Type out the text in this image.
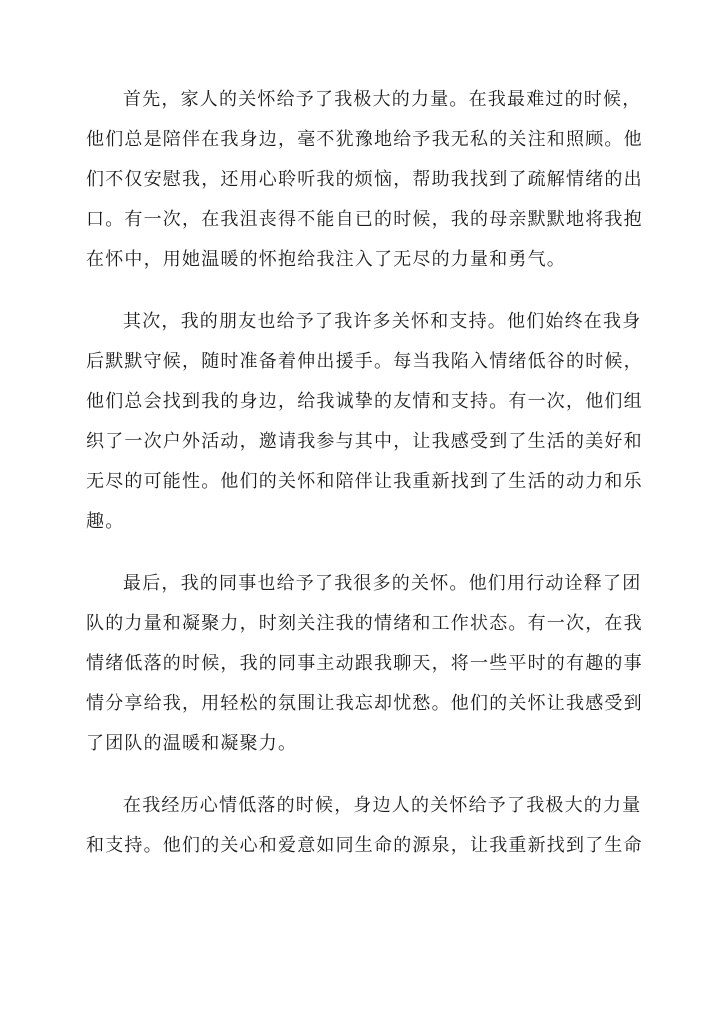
首先，家人的关怀给予了我极大的力量。在我最难过的时候，
他们总是陪伴在我身边，毫不犹豫地给予我无私的关注和照顾。他
们不仅安慰我，还用心聆听我的烦恼，帮助我找到了疏解情绪的出
口。有一次，在我沮丧得不能自已的时候，我的母亲默默地将我抱
在怀中，用她温暖的怀抱给我注入了无尽的力量和勇气。

其次，我的朋友也给予了我许多关怀和支持。他们始终在我身
后默默守候，随时准备着伸出援手。每当我陷入情绪低谷的时候，
他们总会找到我的身边，给我诚挚的友情和支持。有一次，他们组
织了一次户外活动，邀请我参与其中，让我感受到了生活的美好和
无尽的可能性。他们的关怀和陪伴让我重新找到了生活的动力和乐
趣。

最后，我的同事也给予了我很多的关怀。他们用行动诠释了团
队的力量和凝聚力，时刻关注我的情绪和工作状态。有一次，在我
情绪低落的时候，我的同事主动跟我聊天，将一些平时的有趣的事
情分享给我，用轻松的氛围让我忘却忧愁。他们的关怀让我感受到
了团队的温暖和凝聚力。

在我经历心情低落的时候，身边人的关怀给予了我极大的力量
和支持。他们的关心和爱意如同生命的源泉，让我重新找到了生命
